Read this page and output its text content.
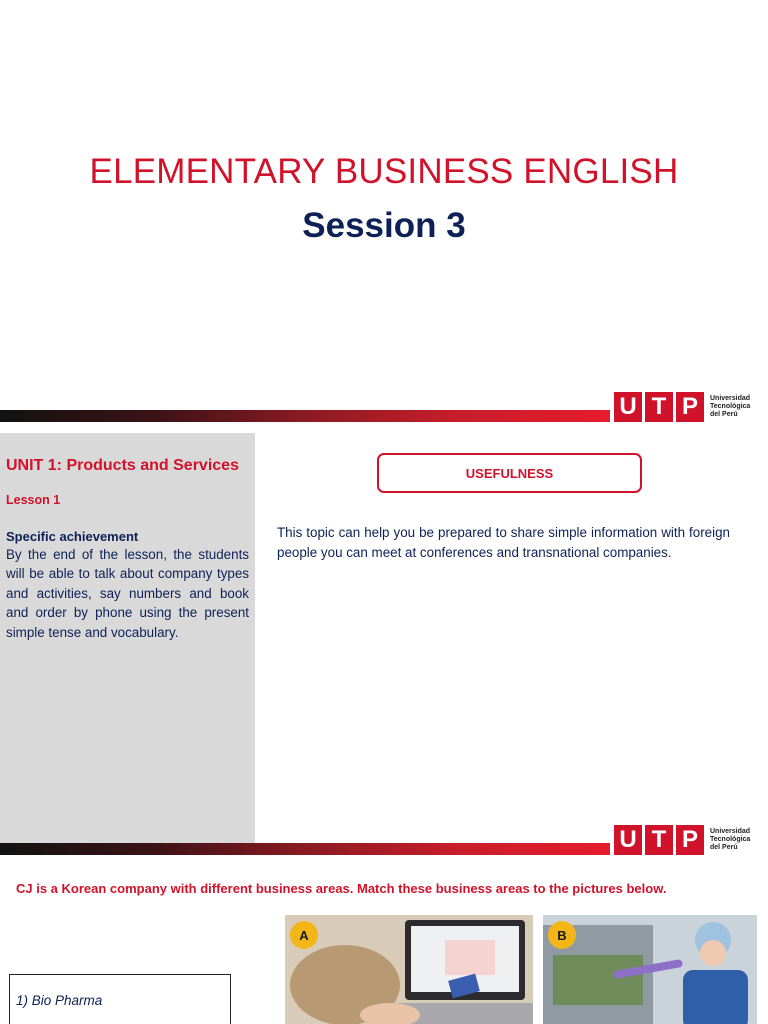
ELEMENTARY BUSINESS ENGLISH
Session 3
U T P	Universidad Tecnológica del Perú
UNIT 1: Products and Services
Lesson 1
Specific achievement
By the end of the lesson, the students will be able to talk about company types and activities, say numbers and book and order by phone using the present simple tense and vocabulary.
USEFULNESS
This topic can help you be prepared to share simple information with foreign people you can meet at conferences and transnational companies.
U T P	Universidad Tecnológica del Perú
CJ is a Korean company with different business areas. Match these business areas to the pictures below.
1) Bio Pharma
A	B
